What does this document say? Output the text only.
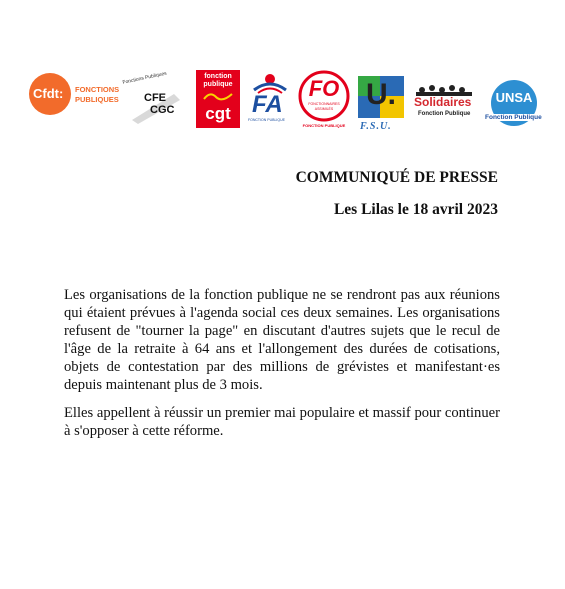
Cfdt: FONCTIONS
PUBLIQUES
Fonctions Publiques
CFE
CGC
fonction
publique
cgt FA
FONCTION PUBLIQUE
FO
FONCTIONNAIRES
ASSIMILÉS
FONCTION PUBLIQUE
U.
F.S.U.
Solidaires
Fonction Publique
UNSA
Fonction Publique
COMMUNIQUÉ DE PRESSE
Les Lilas le 18 avril 2023

Les organisations de la fonction publique ne se rendront pas aux réunions qui étaient prévues à l'agenda social ces deux semaines. Les organisations refusent de "tourner la page" en discutant d'autres sujets que le recul de l'âge de la retraite à 64 ans et l'allongement des durées de cotisations, objets de contestation par des millions de grévistes et manifestant·es depuis maintenant plus de 3 mois.

Elles appellent à réussir un premier mai populaire et massif pour continuer à s'opposer à cette réforme.
